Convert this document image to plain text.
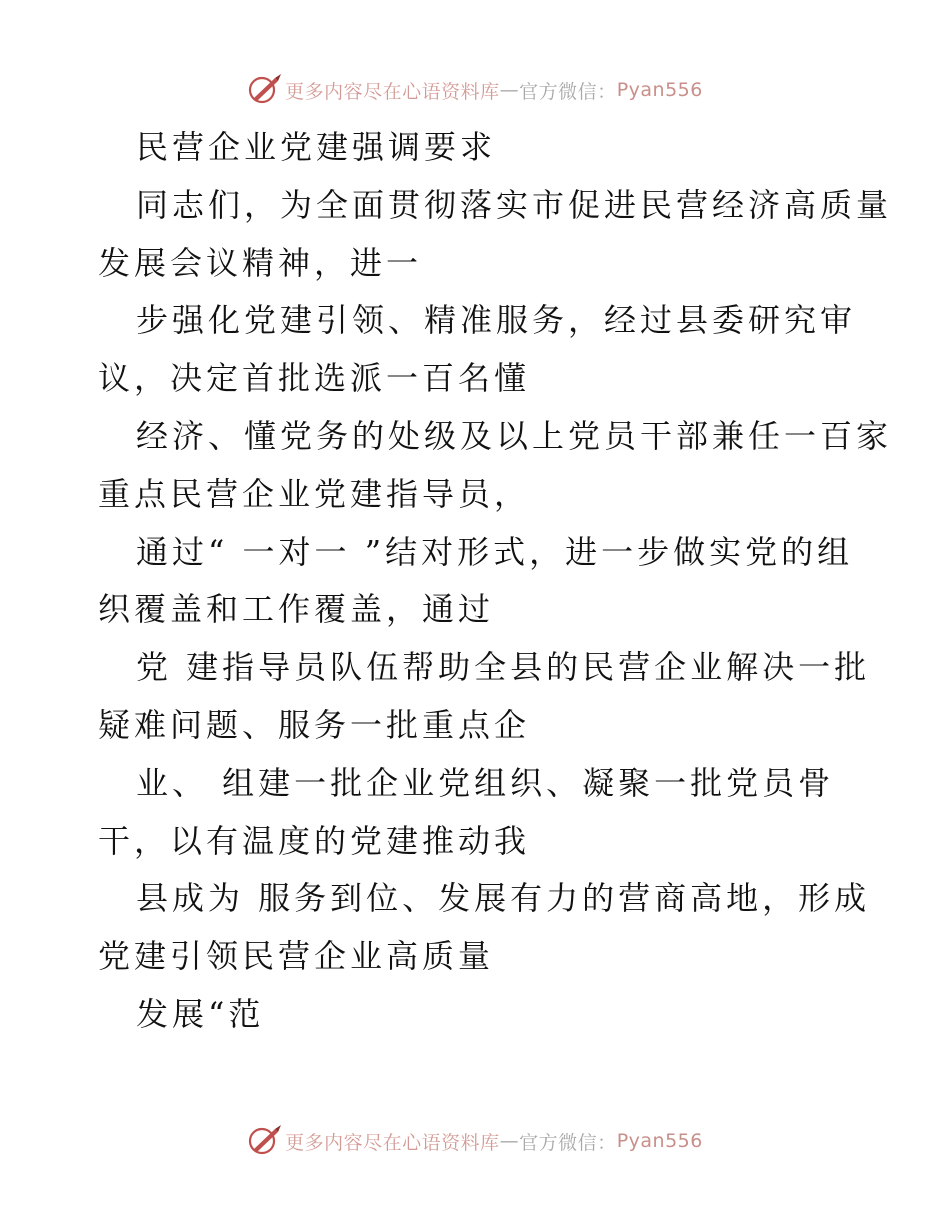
更多内容尽在心语资料库 — 官方微信： Pyan556
民营企业党建强调要求
同志们，为全面贯彻落实市促进民营经济高质量
发展会议精神，进一
步强化党建引领、精准服务，经过县委研究审
议，决定首批选派一百名懂
经济、懂党务的处级及以上党员干部兼任一百家
重点民营企业党建指导员，
通过“ 一对一 ”结对形式，进一步做实党的组
织覆盖和工作覆盖，通过
党 建指导员队伍帮助全县的民营企业解决一批
疑难问题、服务一批重点企
业、 组建一批企业党组织、凝聚一批党员骨
干，以有温度的党建推动我
县成为 服务到位、发展有力的营商高地，形成
党建引领民营企业高质量
发展“范
更多内容尽在心语资料库 — 官方微信： Pyan556
